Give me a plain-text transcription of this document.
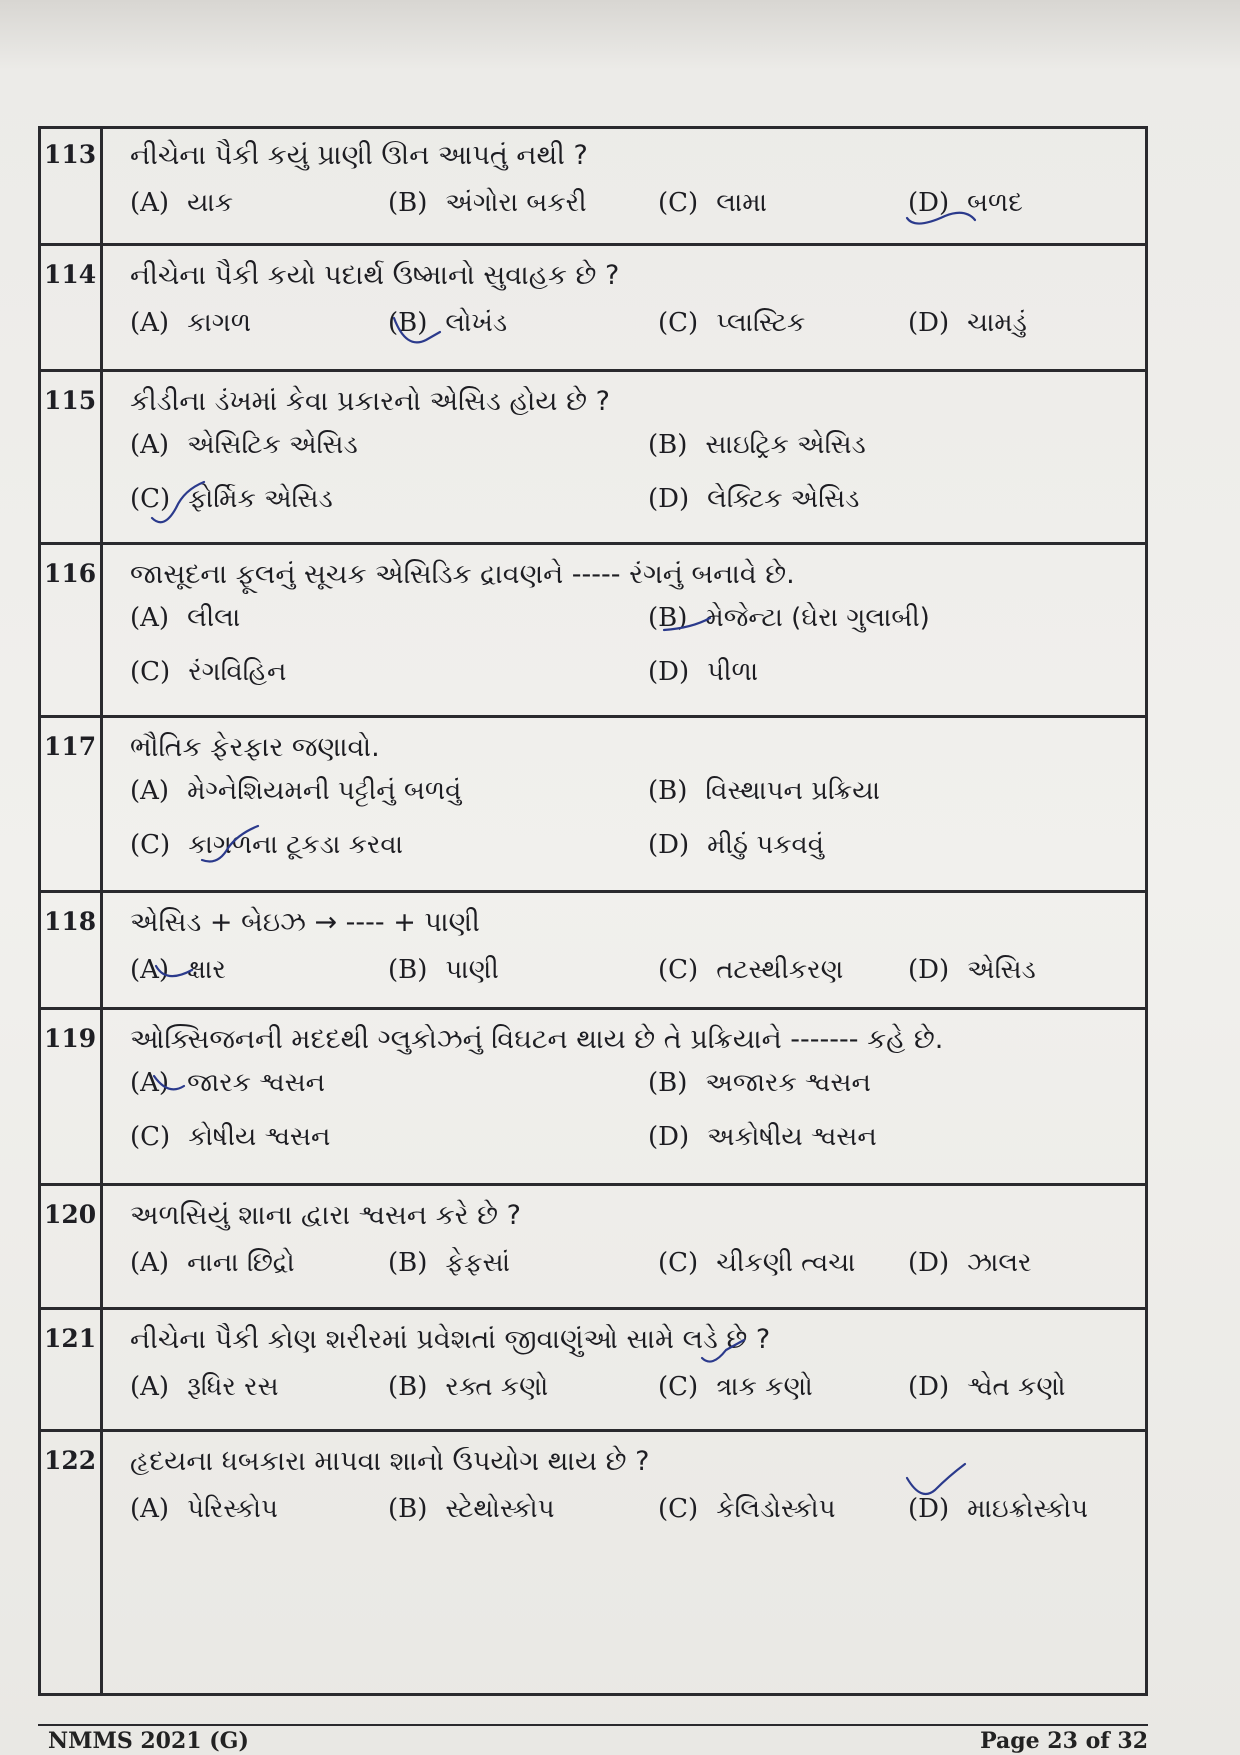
113 નીચેના પૈકી કયું પ્રાણી ઊન આપતું નથી ?
(A) યાક	(B) અંગોરા બકરી	(C) લામા	(D) બળદ
114 નીચેના પૈકી કયો પદાર્થ ઉષ્માનો સુવાહક છે ?
(A) કાગળ	(B) લોખંડ	(C) પ્લાસ્ટિક	(D) ચામડું
115 કીડીના ડંખમાં કેવા પ્રકારનો એસિડ હોય છે ?
(A) એસિટિક એસિડ	(B) સાઇટ્રિક એસિડ
(C) ફોર્મિક એસિડ	(D) લેક્ટિક એસિડ
116 જાસૂદના ફૂલનું સૂચક એસિડિક દ્રાવણને ----- રંગનું બનાવે છે.
(A) લીલા	(B) મેજેન્ટા (ઘેરા ગુલાબી)
(C) રંગવિહિન	(D) પીળા
117 ભૌતિક ફેરફાર જણાવો.
(A) મેગ્નેશિયમની પટ્ટીનું બળવું	(B) વિસ્થાપન પ્રક્રિયા
(C) કાગળના ટૂકડા કરવા	(D) મીઠું પકવવું
118 એસિડ + બેઇઝ → ---- + પાણી
(A) ક્ષાર	(B) પાણી	(C) તટસ્થીકરણ (D) એસિડ
119 ઓક્સિજનની મદદથી ગ્લુકોઝનું વિઘટન થાય છે તે પ્રક્રિયાને ------- કહે છે.
(A) જારક શ્વસન	(B) અજારક શ્વસન
(C) કોષીય શ્વસન	(D) અકોષીય શ્વસન
120 અળસિયું શાના દ્વારા શ્વસન કરે છે ?
(A) નાના છિદ્રો	(B) ફેફસાં	(C) ચીકણી ત્વચા (D) ઝાલર
121 નીચેના પૈકી કોણ શરીરમાં પ્રવેશતાં જીવાણુંઓ સામે લડે છે ?
(A) રૂધિર રસ	(B) રક્ત કણો	(C) ત્રાક કણો	(D) શ્વેત કણો
122 હૃદયના ધબકારા માપવા શાનો ઉપયોગ થાય છે ?
(A) પેરિસ્કોપ	(B) સ્ટેથોસ્કોપ	(C) કેલિડોસ્કોપ	(D) માઇક્રોસ્કોપ
NMMS 2021 (G)	Page 23 of 32
